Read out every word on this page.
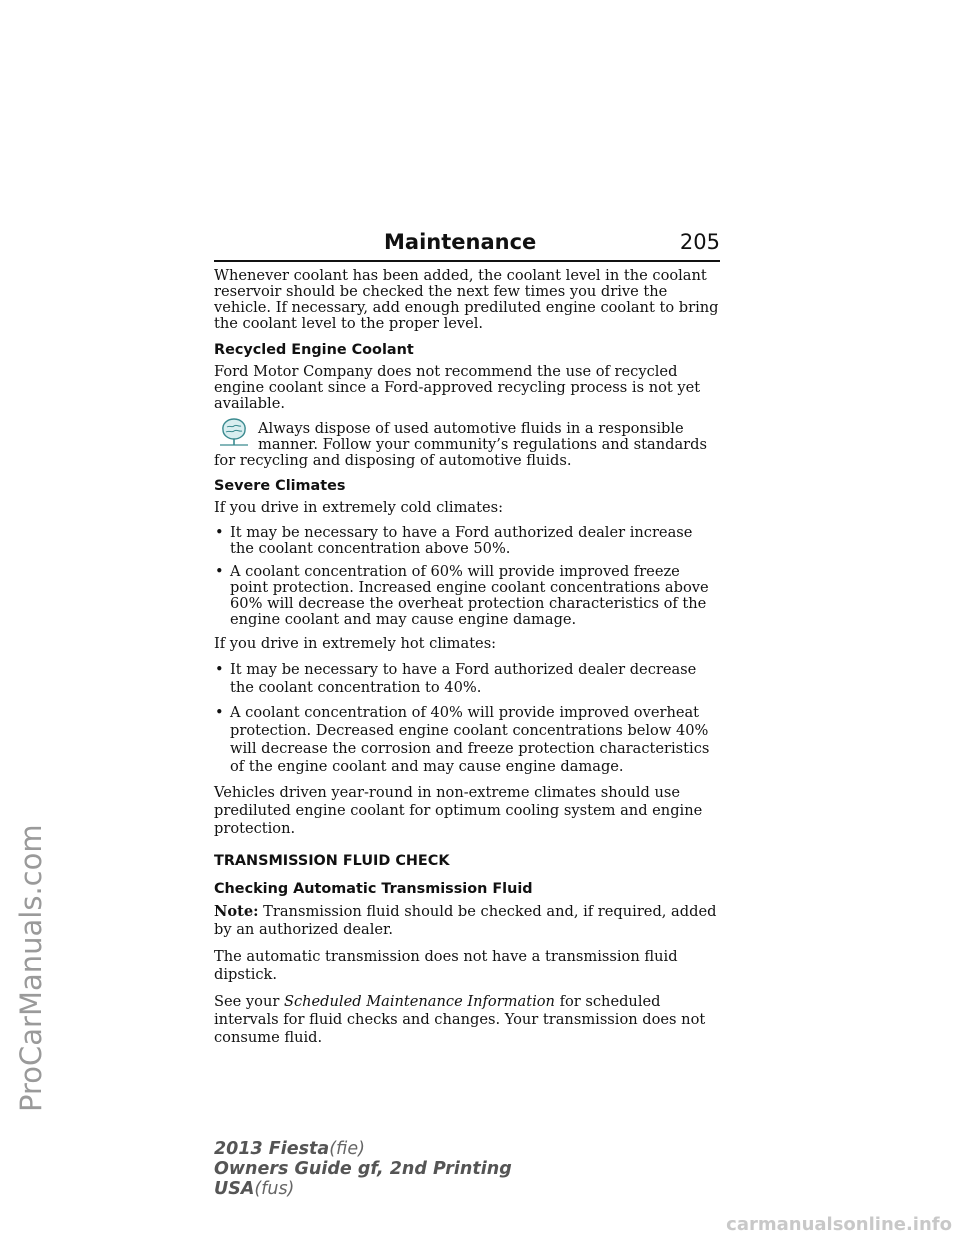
Maintenance	205

Whenever coolant has been added, the coolant level in the coolant reservoir should be checked the next few times you drive the vehicle. If necessary, add enough prediluted engine coolant to bring the coolant level to the proper level.

Recycled Engine Coolant

Ford Motor Company does not recommend the use of recycled engine coolant since a Ford-approved recycling process is not yet available.

Always dispose of used automotive fluids in a responsible manner. Follow your community’s regulations and standards for recycling and disposing of automotive fluids.
Severe Climates

If you drive in extremely cold climates:

• It may be necessary to have a Ford authorized dealer increase the coolant concentration above 50%.
• A coolant concentration of 60% will provide improved freeze point protection. Increased engine coolant concentrations above 60% will decrease the overheat protection characteristics of the engine coolant and may cause engine damage.

If you drive in extremely hot climates:

• It may be necessary to have a Ford authorized dealer decrease the coolant concentration to 40%.
• A coolant concentration of 40% will provide improved overheat protection. Decreased engine coolant concentrations below 40% will decrease the corrosion and freeze protection characteristics of the engine coolant and may cause engine damage.

Vehicles driven year-round in non-extreme climates should use prediluted engine coolant for optimum cooling system and engine protection.

TRANSMISSION FLUID CHECK
Checking Automatic Transmission Fluid

Note: Transmission fluid should be checked and, if required, added by an authorized dealer.

The automatic transmission does not have a transmission fluid dipstick.

See your Scheduled Maintenance Information for scheduled intervals for fluid checks and changes. Your transmission does not consume fluid.

2013 Fiesta(fie)
Owners Guide gf, 2nd Printing
USA(fus)
ProCarManuals.com
carmanualsonline.info
